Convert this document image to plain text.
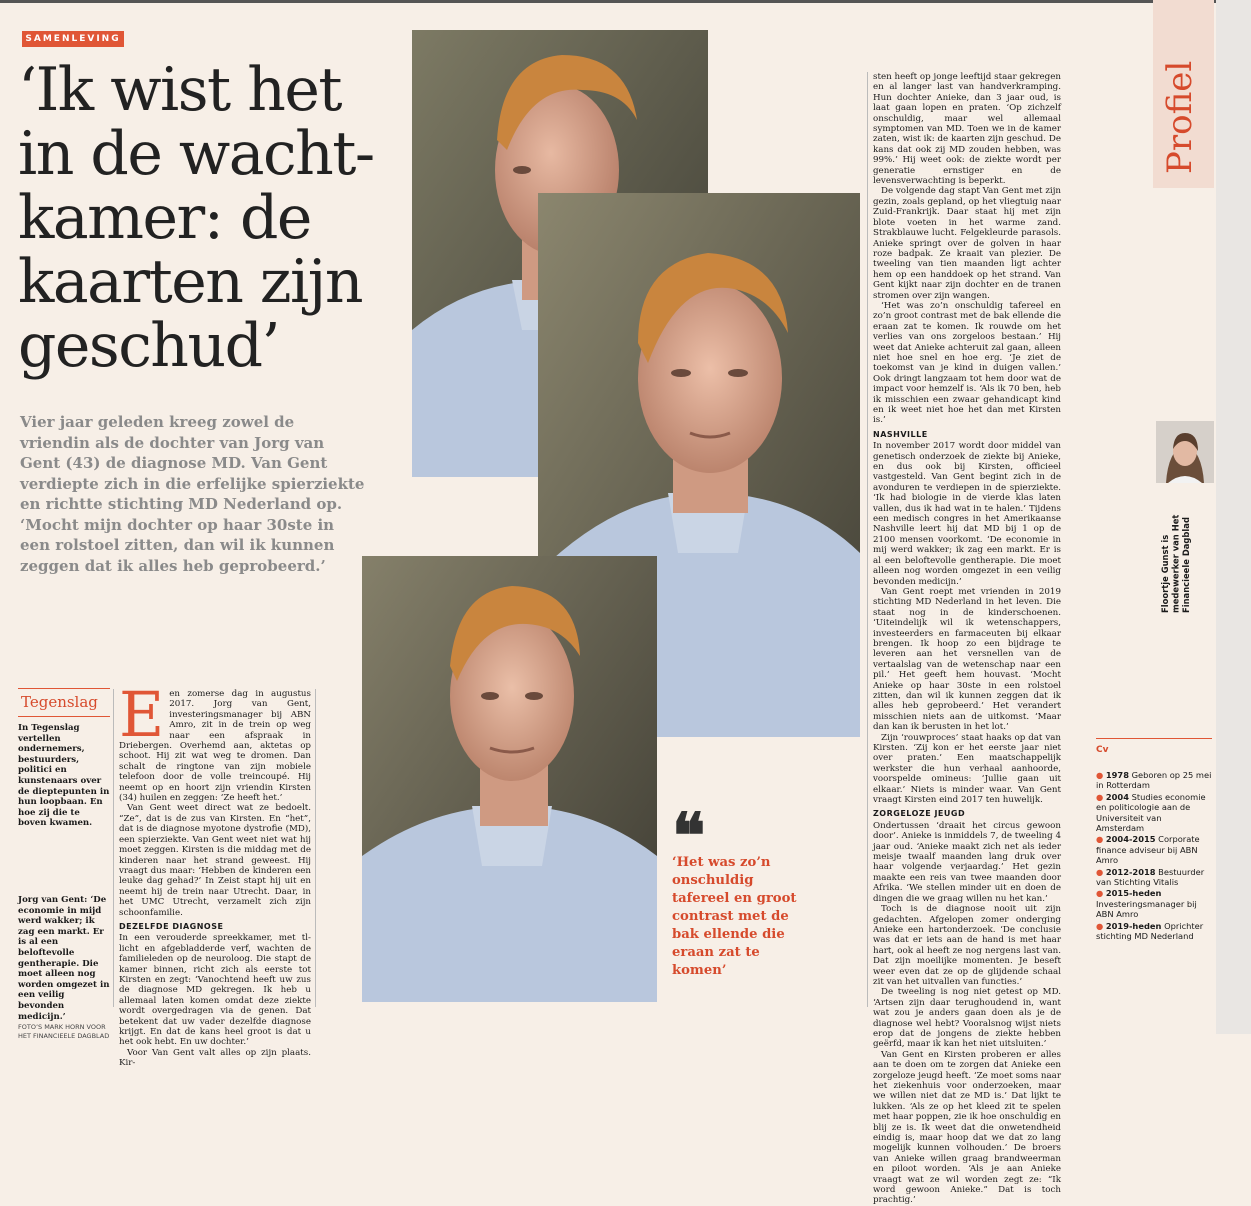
SAMENLEVING
‘Ik wist het in de wacht-kamer: de kaarten zijn geschud’
Vier jaar geleden kreeg zowel de vriendin als de dochter van Jorg van Gent (43) de diagnose MD. Van Gent verdiepte zich in die erfelijke spierziekte en richtte stichting MD Nederland op. ‘Mocht mijn dochter op haar 30ste in een rolstoel zitten, dan wil ik kunnen zeggen dat ik alles heb geprobeerd.’
Tegenslag
In Tegenslag vertellen ondernemers, bestuurders, politici en kunstenaars over de dieptepunten in hun loopbaan. En hoe zij die te boven kwamen.
Jorg van Gent: ‘De economie in mijd werd wakker; ik zag een markt. Er is al een beloftevolle gentherapie. Die moet alleen nog worden omgezet in een veilig bevonden medicijn.’
FOTO’S MARK HORN VOOR HET FINANCIEELE DAGBLAD
E en zomerse dag in augustus 2017. Jorg van Gent, investeringsmanager bij ABN Amro, zit in de trein op weg naar een afspraak in Driebergen. Overhemd aan, aktetas op schoot. Hij zit wat weg te dromen. Dan schalt de ringtone van zijn mobiele telefoon door de volle treincoupé. Hij neemt op en hoort zijn vriendin Kirsten (34) huilen en zeggen: ‘Ze heeft het.’

Van Gent weet direct wat ze bedoelt. “Ze”, dat is de zus van Kirsten. En “het”, dat is de diagnose myotone dystrofie (MD), een spierziekte. Van Gent weet niet wat hij moet zeggen. Kirsten is die middag met de kinderen naar het strand geweest. Hij vraagt dus maar: ‘Hebben de kinderen een leuke dag gehad?’ In Zeist stapt hij uit en neemt hij de trein naar Utrecht. Daar, in het UMC Utrecht, verzamelt zich zijn schoonfamilie.

DEZELFDE DIAGNOSE

In een verouderde spreekkamer, met tl-licht en afgebladderde verf, wachten de familieleden op de neuroloog. Die stapt de kamer binnen, richt zich als eerste tot Kirsten en zegt: ‘Vanochtend heeft uw zus de diagnose MD gekregen. Ik heb u allemaal laten komen omdat deze ziekte wordt overgedragen via de genen. Dat betekent dat uw vader dezelfde diagnose krijgt. En dat de kans heel groot is dat u het ook hebt. En uw dochter.’

Voor Van Gent valt alles op zijn plaats. Kir-

❝
‘Het was zo’n onschuldig tafereel en groot contrast met de bak ellende die eraan zat te komen’

sten heeft op jonge leeftijd staar gekregen en al langer last van handverkramping. Hun dochter Anieke, dan 3 jaar oud, is laat gaan lopen en praten. ‘Op zichzelf onschuldig, maar wel allemaal symptomen van MD. Toen we in de kamer zaten, wist ik: de kaarten zijn geschud. De kans dat ook zij MD zouden hebben, was 99%.’ Hij weet ook: de ziekte wordt per generatie ernstiger en de levensverwachting is beperkt.

De volgende dag stapt Van Gent met zijn gezin, zoals gepland, op het vliegtuig naar Zuid-Frankrijk. Daar staat hij met zijn blote voeten in het warme zand. Strakblauwe lucht. Felgekleurde parasols. Anieke springt over de golven in haar roze badpak. Ze kraait van plezier. De tweeling van tien maanden ligt achter hem op een handdoek op het strand. Van Gent kijkt naar zijn dochter en de tranen stromen over zijn wangen.

‘Het was zo’n onschuldig tafereel en zo’n groot contrast met de bak ellende die eraan zat te komen. Ik rouwde om het verlies van ons zorgeloos bestaan.’ Hij weet dat Anieke achteruit zal gaan, alleen niet hoe snel en hoe erg. ‘Je ziet de toekomst van je kind in duigen vallen.’ Ook dringt langzaam tot hem door wat de impact voor hemzelf is. ‘Als ik 70 ben, heb ik misschien een zwaar gehandicapt kind en ik weet niet hoe het dan met Kirsten is.’

NASHVILLE

In november 2017 wordt door middel van genetisch onderzoek de ziekte bij Anieke, en dus ook bij Kirsten, officieel vastgesteld. Van Gent begint zich in de avonduren te verdiepen in de spierziekte. ‘Ik had biologie in de vierde klas laten vallen, dus ik had wat in te halen.’ Tijdens een medisch congres in het Amerikaanse Nashville leert hij dat MD bij 1 op de 2100 mensen voorkomt. ‘De economie in mij werd wakker; ik zag een markt. Er is al een beloftevolle gentherapie. Die moet alleen nog worden omgezet in een veilig bevonden medicijn.’

Van Gent roept met vrienden in 2019 stichting MD Nederland in het leven. Die staat nog in de kinderschoenen. ‘Uiteindelijk wil ik wetenschappers, investeerders en farmaceuten bij elkaar brengen. Ik hoop zo een bijdrage te leveren aan het versnellen van de vertaalslag van de wetenschap naar een pil.’ Het geeft hem houvast. ‘Mocht Anieke op haar 30ste in een rolstoel zitten, dan wil ik kunnen zeggen dat ik alles heb geprobeerd.’ Het verandert misschien niets aan de uitkomst. ‘Maar dan kan ik berusten in het lot.’

Zijn ‘rouwproces’ staat haaks op dat van Kirsten. ‘Zij kon er het eerste jaar niet over praten.’ Een maatschappelijk werkster die hun verhaal aanhoorde, voorspelde omineus: ‘Jullie gaan uit elkaar.’ Niets is minder waar. Van Gent vraagt Kirsten eind 2017 ten huwelijk.

ZORGELOZE JEUGD

Ondertussen ‘draait het circus gewoon door’. Anieke is inmiddels 7, de tweeling 4 jaar oud. ‘Anieke maakt zich net als ieder meisje twaalf maanden lang druk over haar volgende verjaardag.’ Het gezin maakte een reis van twee maanden door Afrika. ‘We stellen minder uit en doen de dingen die we graag willen nu het kan.’

Toch is de diagnose nooit uit zijn gedachten. Afgelopen zomer onderging Anieke een hartonderzoek. ‘De conclusie was dat er iets aan de hand is met haar hart, ook al heeft ze nog nergens last van. Dat zijn moeilijke momenten. Je beseft weer even dat ze op de glijdende schaal zit van het uitvallen van functies.’

De tweeling is nog niet getest op MD. ‘Artsen zijn daar terughoudend in, want wat zou je anders gaan doen als je de diagnose wel hebt? Vooralsnog wijst niets erop dat de jongens de ziekte hebben geërfd, maar ik kan het niet uitsluiten.’

Van Gent en Kirsten proberen er alles aan te doen om te zorgen dat Anieke een zorgeloze jeugd heeft. ‘Ze moet soms naar het ziekenhuis voor onderzoeken, maar we willen niet dat ze MD is.’ Dat lijkt te lukken. ‘Als ze op het kleed zit te spelen met haar poppen, zie ik hoe onschuldig en blij ze is. Ik weet dat die onwetendheid eindig is, maar hoop dat we dat zo lang mogelijk kunnen volhouden.’ De broers van Anieke willen graag brandweerman en piloot worden. ‘Als je aan Anieke vraagt wat ze wil worden zegt ze: “Ik word gewoon Anieke.” Dat is toch prachtig.’

Profiel
Floortje Gunst is medewerker van Het Financieele Dagblad
Cv
● 1978 Geboren op 25 mei in Rotterdam
● 2004 Studies economie en politicologie aan de Universiteit van Amsterdam
● 2004-2015 Corporate finance adviseur bij ABN Amro
● 2012-2018 Bestuurder van Stichting Vitalis
● 2015-heden Investeringsmanager bij ABN Amro
● 2019-heden Oprichter stichting MD Nederland
